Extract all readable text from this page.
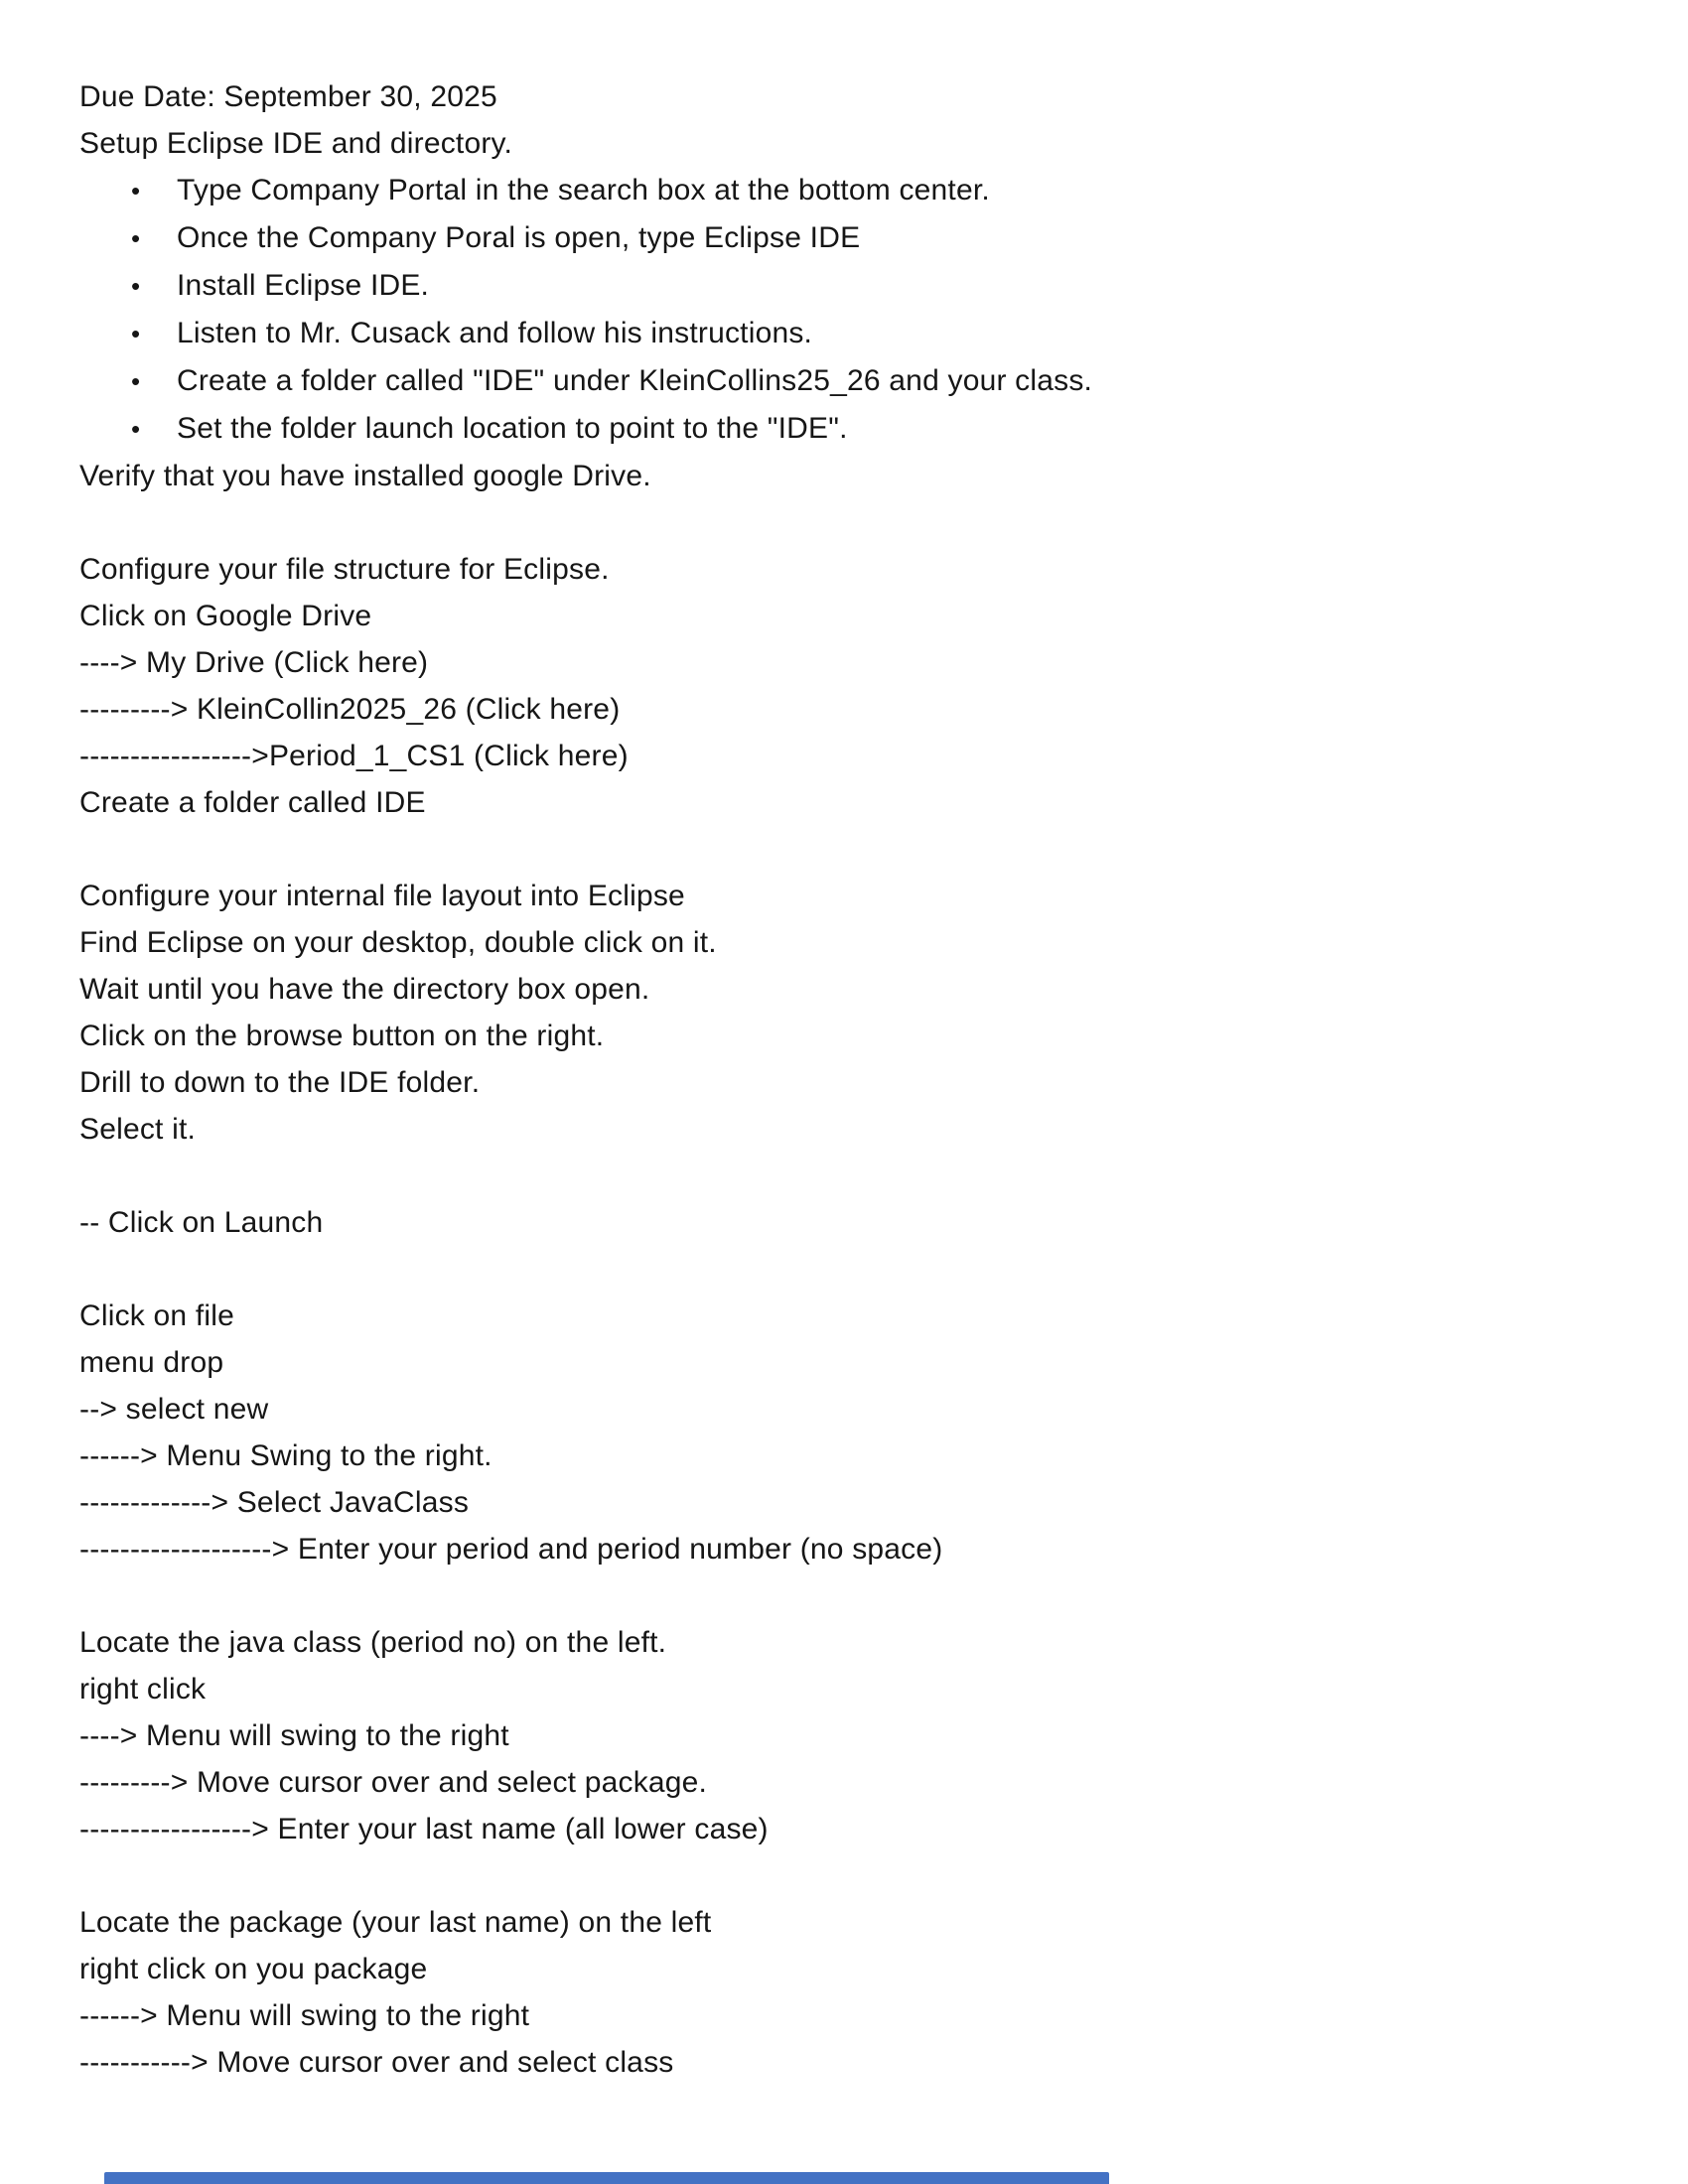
Due Date: September 30, 2025
Setup Eclipse IDE and directory.
•	Type Company Portal in the search box at the bottom center.
•	Once the Company Poral is open, type Eclipse IDE
•	Install Eclipse IDE.
•	Listen to Mr. Cusack and follow his instructions.
•	Create a folder called "IDE" under KleinCollins25_26 and your class.
•	Set the folder launch location to point to the "IDE".
Verify that you have installed google Drive.

Configure your file structure for Eclipse.
Click on Google Drive
----> My Drive (Click here)
---------> KleinCollin2025_26 (Click here)
----------------->Period_1_CS1 (Click here)
Create a folder called IDE

Configure your internal file layout into Eclipse
Find Eclipse on your desktop, double click on it.
Wait until you have the directory box open.
Click on the browse button on the right.
Drill to down to the IDE folder.
Select it.

-- Click on Launch

Click on file
menu drop
--> select new
------> Menu Swing to the right.
-------------> Select JavaClass
-------------------> Enter your period and period number (no space)

Locate the java class (period no) on the left.
right click
----> Menu will swing to the right
---------> Move cursor over and select package.
-----------------> Enter your last name (all lower case)

Locate the package (your last name) on the left
right click on you package
------> Menu will swing to the right
-----------> Move cursor over and select class
